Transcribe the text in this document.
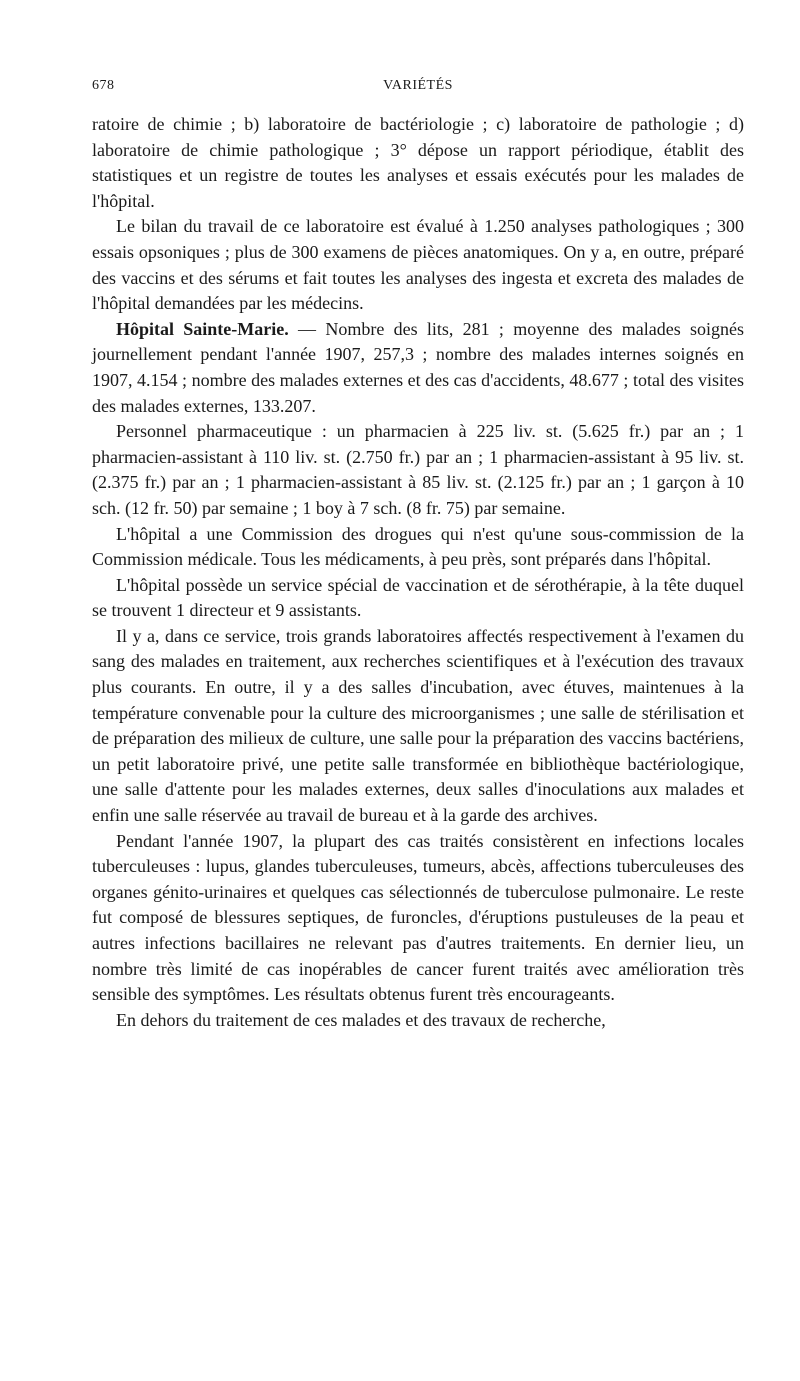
678	VARIÉTÉS

ratoire de chimie ; b) laboratoire de bactériologie ; c) laboratoire de pathologie ; d) laboratoire de chimie pathologique ; 3° dépose un rapport périodique, établit des statistiques et un registre de toutes les analyses et essais exécutés pour les malades de l'hôpital.

Le bilan du travail de ce laboratoire est évalué à 1.250 analyses pathologiques ; 300 essais opsoniques ; plus de 300 examens de pièces anatomiques. On y a, en outre, préparé des vaccins et des sérums et fait toutes les analyses des ingesta et excreta des malades de l'hôpital demandées par les médecins.

Hôpital Sainte-Marie. — Nombre des lits, 281 ; moyenne des malades soignés journellement pendant l'année 1907, 257,3 ; nombre des malades internes soignés en 1907, 4.154 ; nombre des malades externes et des cas d'accidents, 48.677 ; total des visites des malades externes, 133.207.

Personnel pharmaceutique : un pharmacien à 225 liv. st. (5.625 fr.) par an ; 1 pharmacien-assistant à 110 liv. st. (2.750 fr.) par an ; 1 pharmacien-assistant à 95 liv. st. (2.375 fr.) par an ; 1 pharmacien-assistant à 85 liv. st. (2.125 fr.) par an ; 1 garçon à 10 sch. (12 fr. 50) par semaine ; 1 boy à 7 sch. (8 fr. 75) par semaine.

L'hôpital a une Commission des drogues qui n'est qu'une sous-commission de la Commission médicale. Tous les médicaments, à peu près, sont préparés dans l'hôpital.

L'hôpital possède un service spécial de vaccination et de sérothérapie, à la tête duquel se trouvent 1 directeur et 9 assistants.

Il y a, dans ce service, trois grands laboratoires affectés respectivement à l'examen du sang des malades en traitement, aux recherches scientifiques et à l'exécution des travaux plus courants. En outre, il y a des salles d'incubation, avec étuves, maintenues à la température convenable pour la culture des microorganismes ; une salle de stérilisation et de préparation des milieux de culture, une salle pour la préparation des vaccins bactériens, un petit laboratoire privé, une petite salle transformée en bibliothèque bactériologique, une salle d'attente pour les malades externes, deux salles d'inoculations aux malades et enfin une salle réservée au travail de bureau et à la garde des archives.

Pendant l'année 1907, la plupart des cas traités consistèrent en infections locales tuberculeuses : lupus, glandes tuberculeuses, tumeurs, abcès, affections tuberculeuses des organes génito-urinaires et quelques cas sélectionnés de tuberculose pulmonaire. Le reste fut composé de blessures septiques, de furoncles, d'éruptions pustuleuses de la peau et autres infections bacillaires ne relevant pas d'autres traitements. En dernier lieu, un nombre très limité de cas inopérables de cancer furent traités avec amélioration très sensible des symptômes. Les résultats obtenus furent très encourageants.

En dehors du traitement de ces malades et des travaux de recherche,
